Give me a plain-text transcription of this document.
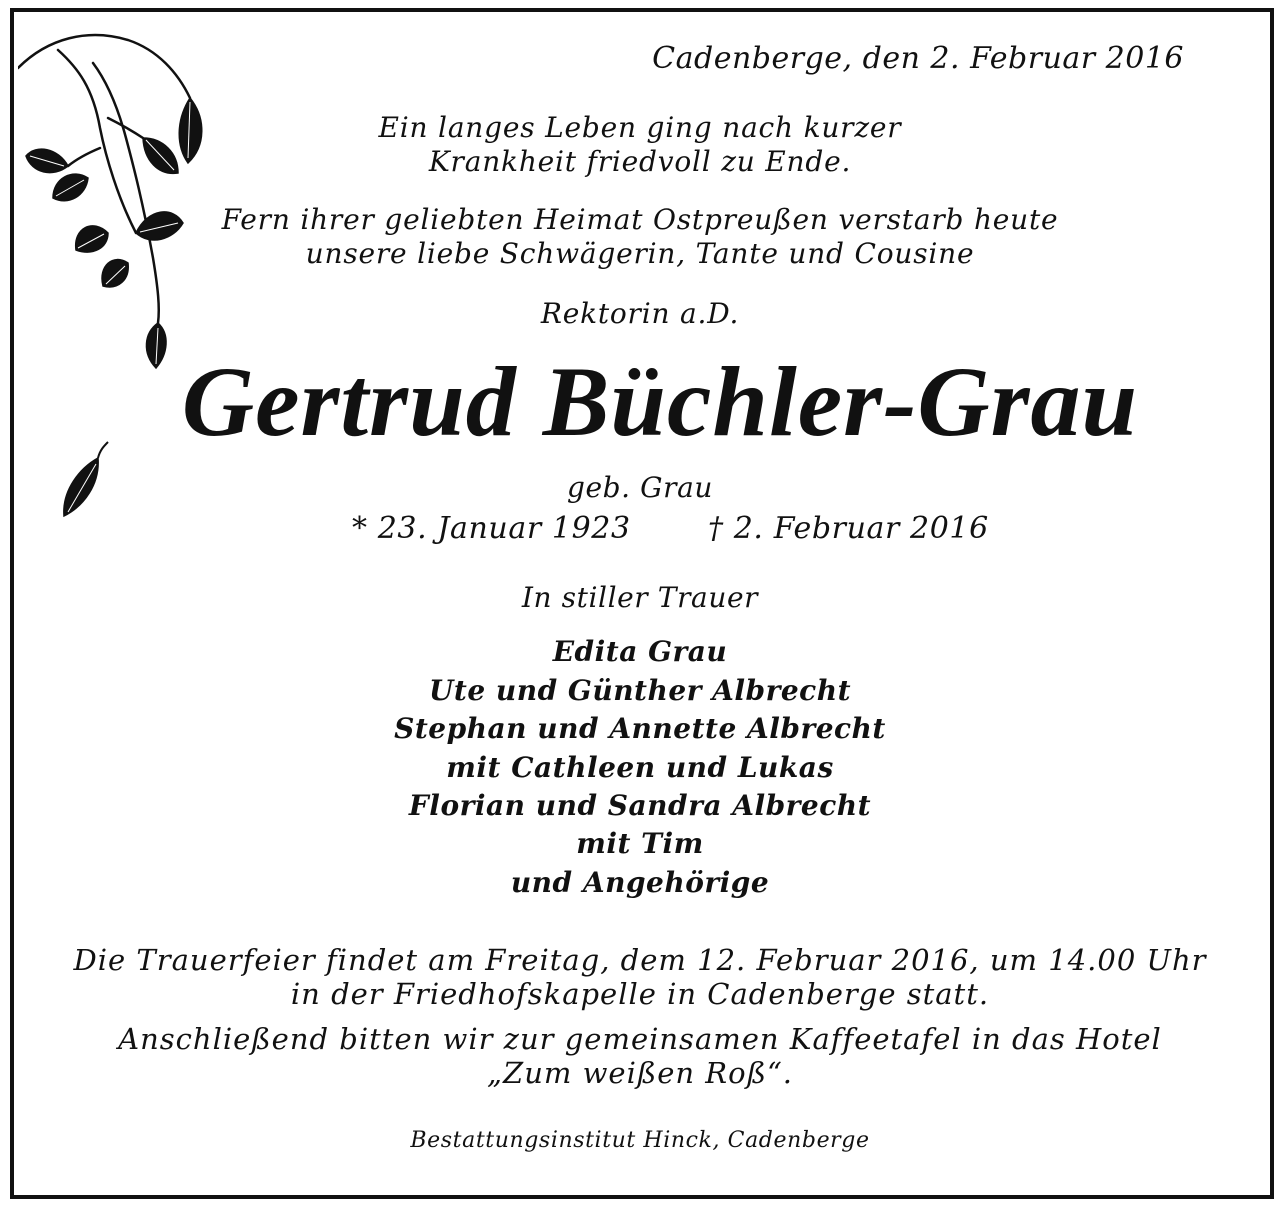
Cadenberge, den 2. Februar 2016
Ein langes Leben ging nach kurzer
Krankheit friedvoll zu Ende.
Fern ihrer geliebten Heimat Ostpreußen verstarb heute
unsere liebe Schwägerin, Tante und Cousine
Rektorin a.D.
Gertrud Büchler-Grau
geb. Grau
* 23. Januar 1923	† 2. Februar 2016
In stiller Trauer
Edita Grau
Ute und Günther Albrecht
Stephan und Annette Albrecht
mit Cathleen und Lukas
Florian und Sandra Albrecht
mit Tim
und Angehörige
Die Trauerfeier findet am Freitag, dem 12. Februar 2016, um 14.00 Uhr
in der Friedhofskapelle in Cadenberge statt.
Anschließend bitten wir zur gemeinsamen Kaffeetafel in das Hotel
„Zum weißen Roß“.
Bestattungsinstitut Hinck, Cadenberge
